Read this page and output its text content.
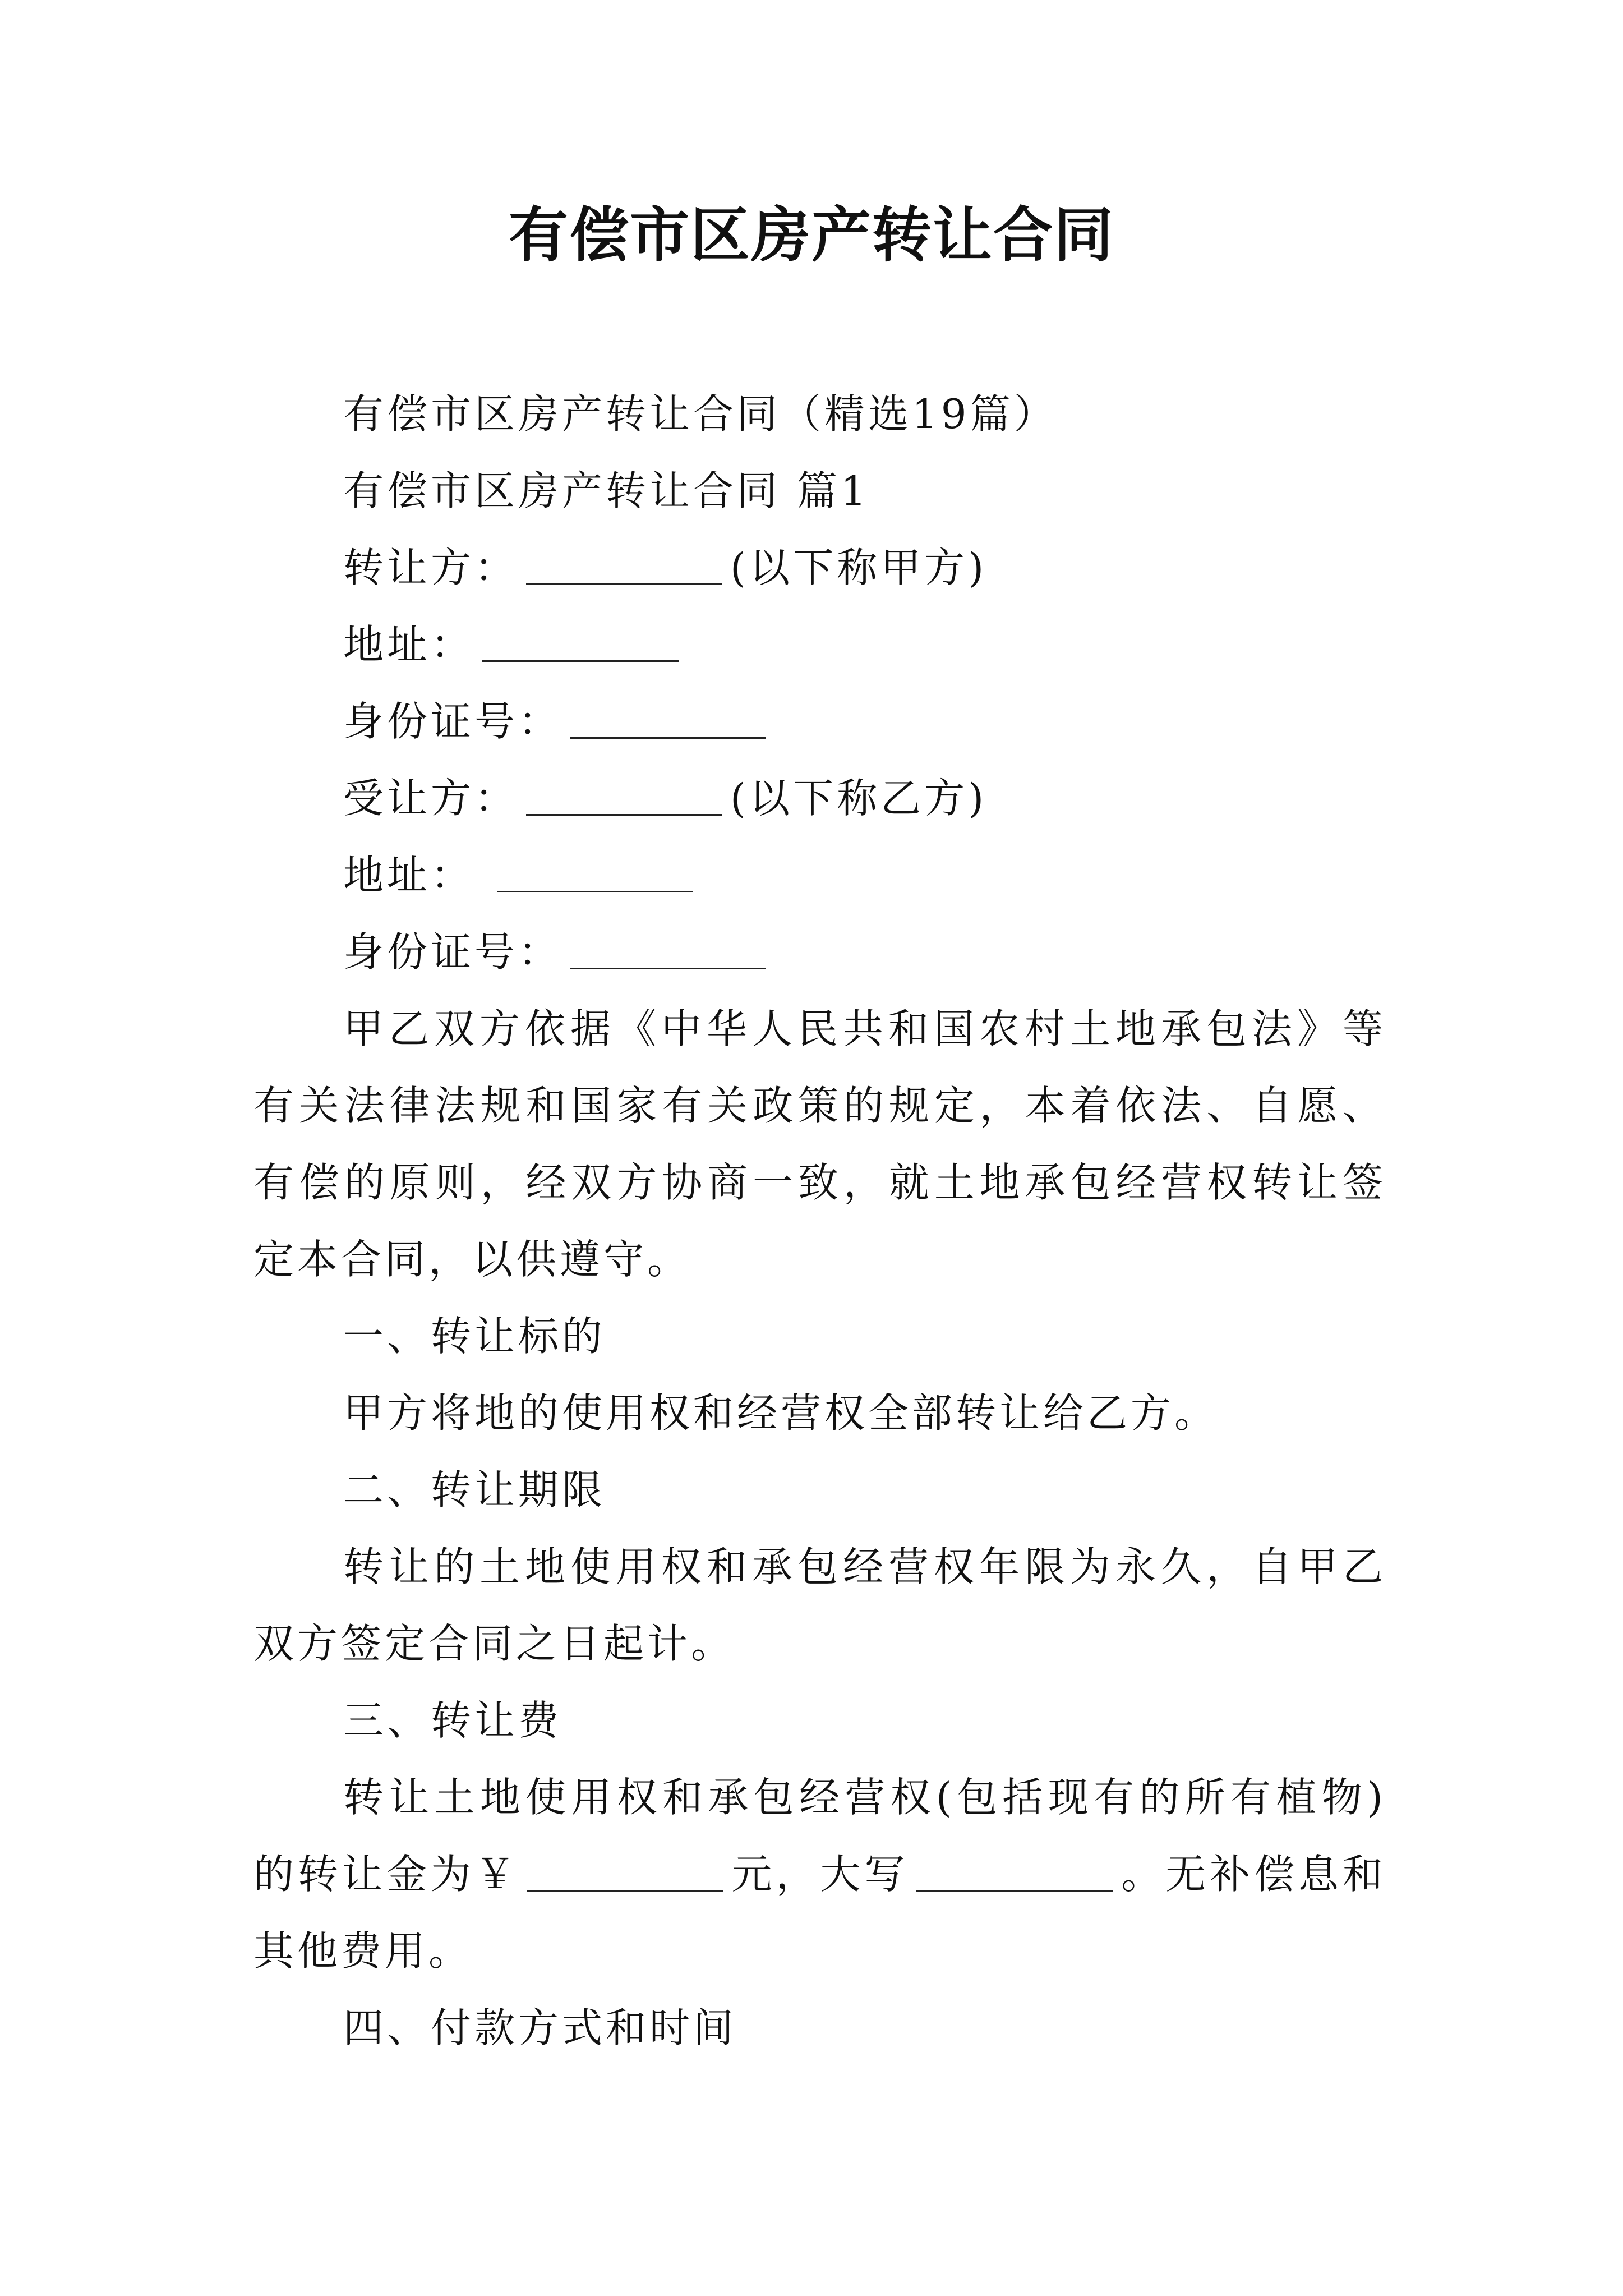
有偿市区房产转让合同
有偿市区房产转让合同（精选19篇）
有偿市区房产转让合同 篇1
转让方：	(以下称甲方)
地址：
身份证号：
受让方：	(以下称乙方)
地址：
身份证号：

甲乙双方依据《中华人民共和国农村土地承包法》等有关法律法规和国家有关政策的规定，本着依法、自愿、有偿的原则，经双方协商一致，就土地承包经营权转让签定本合同，以供遵守。

一、转让标的
甲方将地的使用权和经营权全部转让给乙方。
二、转让期限

转让的土地使用权和承包经营权年限为永久，自甲乙双方签定合同之日起计。

三、转让费

转让土地使用权和承包经营权(包括现有的所有植物)的转让金为￥	元，大写	。无补偿息和其他费用。

四、付款方式和时间
